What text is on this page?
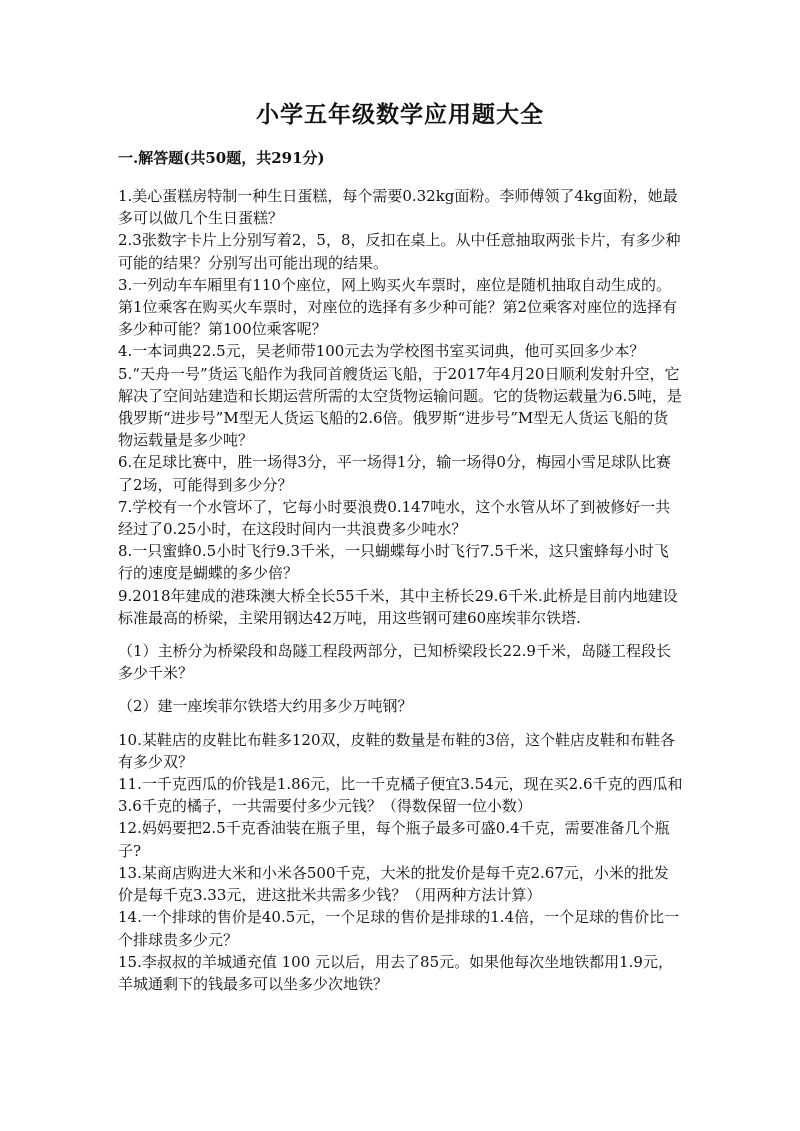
小学五年级数学应用题大全
一.解答题(共50题，共291分)

1.美心蛋糕房特制一种生日蛋糕，每个需要0.32kg面粉。李师傅领了4kg面粉，她最多可以做几个生日蛋糕？

2.3张数字卡片上分别写着2，5，8，反扣在桌上。从中任意抽取两张卡片，有多少种可能的结果？分别写出可能出现的结果。

3.一列动车车厢里有110个座位，网上购买火车票时，座位是随机抽取自动生成的。第1位乘客在购买火车票时，对座位的选择有多少种可能？第2位乘客对座位的选择有多少种可能？第100位乘客呢？

4.一本词典22.5元，吴老师带100元去为学校图书室买词典，他可买回多少本？

5.“天舟一号”货运飞船作为我同首艘货运飞船，于2017年4月20日顺利发射升空，它解决了空间站建造和长期运营所需的太空货物运输问题。它的货物运载量为6.5吨，是俄罗斯“进步号”M型无人货运飞船的2.6倍。俄罗斯“进步号”M型无人货运飞船的货物运载量是多少吨？

6.在足球比赛中，胜一场得3分，平一场得1分，输一场得0分，梅园小雪足球队比赛了2场，可能得到多少分？

7.学校有一个水管坏了，它每小时要浪费0.147吨水，这个水管从坏了到被修好一共经过了0.25小时，在这段时间内一共浪费多少吨水？

8.一只蜜蜂0.5小时飞行9.3千米，一只蝴蝶每小时飞行7.5千米，这只蜜蜂每小时飞行的速度是蝴蝶的多少倍？

9.2018年建成的港珠澳大桥全长55千米，其中主桥长29.6千米.此桥是目前内地建设标准最高的桥梁，主梁用钢达42万吨，用这些钢可建60座埃菲尔铁塔.

（1）主桥分为桥梁段和岛隧工程段两部分，已知桥梁段长22.9千米，岛隧工程段长多少千米？

（2）建一座埃菲尔铁塔大约用多少万吨钢？

10.某鞋店的皮鞋比布鞋多120双，皮鞋的数量是布鞋的3倍，这个鞋店皮鞋和布鞋各有多少双？

11.一千克西瓜的价钱是1.86元，比一千克橘子便宜3.54元，现在买2.6千克的西瓜和3.6千克的橘子，一共需要付多少元钱？（得数保留一位小数）

12.妈妈要把2.5千克香油装在瓶子里，每个瓶子最多可盛0.4千克，需要准备几个瓶子?

13.某商店购进大米和小米各500千克，大米的批发价是每千克2.67元，小米的批发价是每千克3.33元，进这批米共需多少钱？（用两种方法计算）

14.一个排球的售价是40.5元，一个足球的售价是排球的1.4倍，一个足球的售价比一个排球贵多少元？

15.李叔叔的羊城通充值 100 元以后，用去了85元。如果他每次坐地铁都用1.9元，羊城通剩下的钱最多可以坐多少次地铁？
